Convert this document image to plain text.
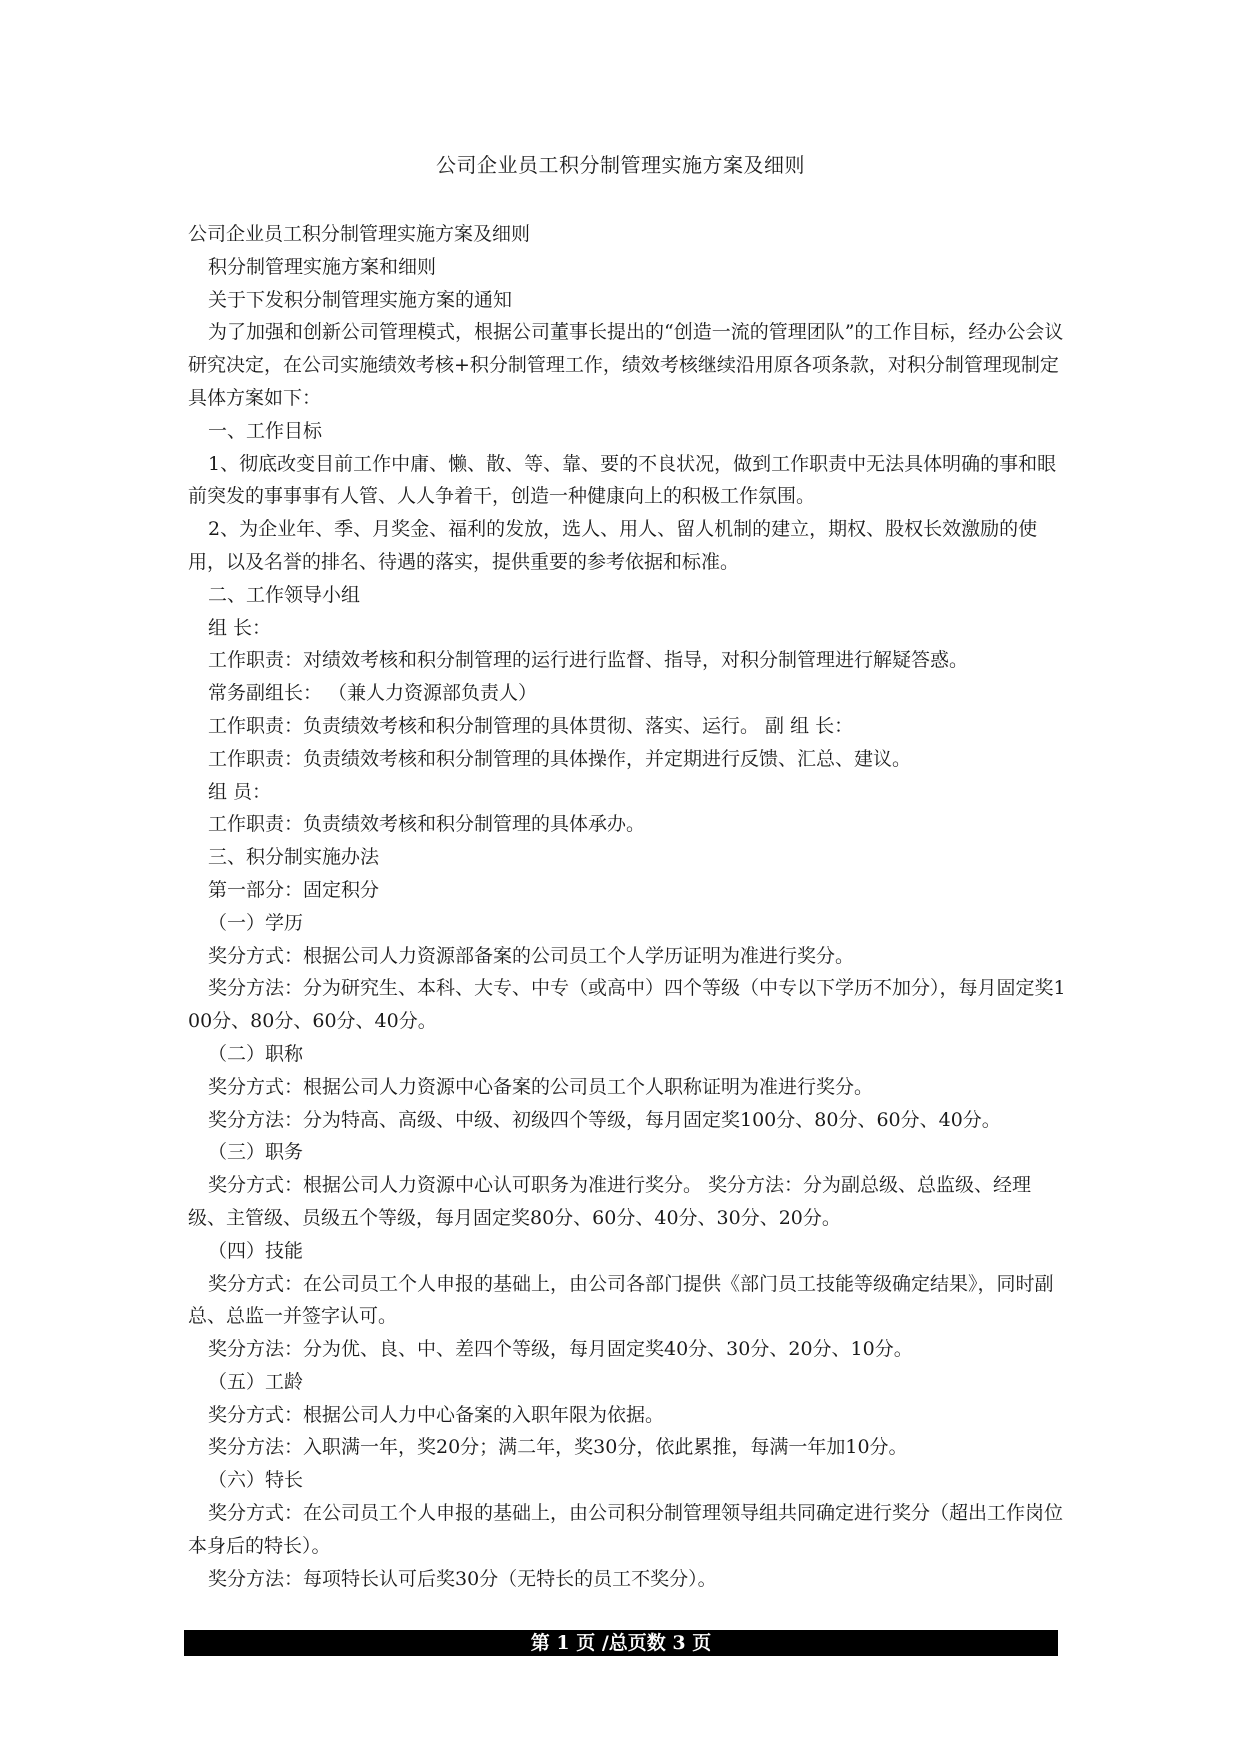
公司企业员工积分制管理实施方案及细则

公司企业员工积分制管理实施方案及细则

积分制管理实施方案和细则

关于下发积分制管理实施方案的通知

为了加强和创新公司管理模式，根据公司董事长提出的“创造一流的管理团队”的工作目标，经办公会议研究决定，在公司实施绩效考核+积分制管理工作，绩效考核继续沿用原各项条款，对积分制管理现制定具体方案如下：

一、工作目标

1、彻底改变目前工作中庸、懒、散、等、靠、要的不良状况，做到工作职责中无法具体明确的事和眼前突发的事事事有人管、人人争着干，创造一种健康向上的积极工作氛围。

2、为企业年、季、月奖金、福利的发放，选人、用人、留人机制的建立，期权、股权长效激励的使用，以及名誉的排名、待遇的落实，提供重要的参考依据和标准。

二、工作领导小组

组 长：

工作职责：对绩效考核和积分制管理的运行进行监督、指导，对积分制管理进行解疑答惑。

常务副组长： （兼人力资源部负责人）

工作职责：负责绩效考核和积分制管理的具体贯彻、落实、运行。 副 组 长：

工作职责：负责绩效考核和积分制管理的具体操作，并定期进行反馈、汇总、建议。

组 员：

工作职责：负责绩效考核和积分制管理的具体承办。

三、积分制实施办法

第一部分：固定积分

（一）学历

奖分方式：根据公司人力资源部备案的公司员工个人学历证明为准进行奖分。

奖分方法：分为研究生、本科、大专、中专（或高中）四个等级（中专以下学历不加分），每月固定奖100分、80分、60分、40分。

（二）职称

奖分方式：根据公司人力资源中心备案的公司员工个人职称证明为准进行奖分。

奖分方法：分为特高、高级、中级、初级四个等级，每月固定奖100分、80分、60分、40分。

（三）职务

奖分方式：根据公司人力资源中心认可职务为准进行奖分。 奖分方法：分为副总级、总监级、经理级、主管级、员级五个等级，每月固定奖80分、60分、40分、30分、20分。

（四）技能

奖分方式：在公司员工个人申报的基础上，由公司各部门提供《部门员工技能等级确定结果》，同时副总、总监一并签字认可。

奖分方法：分为优、良、中、差四个等级，每月固定奖40分、30分、20分、10分。

（五）工龄

奖分方式：根据公司人力中心备案的入职年限为依据。

奖分方法：入职满一年，奖20分；满二年，奖30分，依此累推，每满一年加10分。

（六）特长

奖分方式：在公司员工个人申报的基础上，由公司积分制管理领导组共同确定进行奖分（超出工作岗位本身后的特长）。

奖分方法：每项特长认可后奖30分（无特长的员工不奖分）。

第 1 页 /总页数 3 页
